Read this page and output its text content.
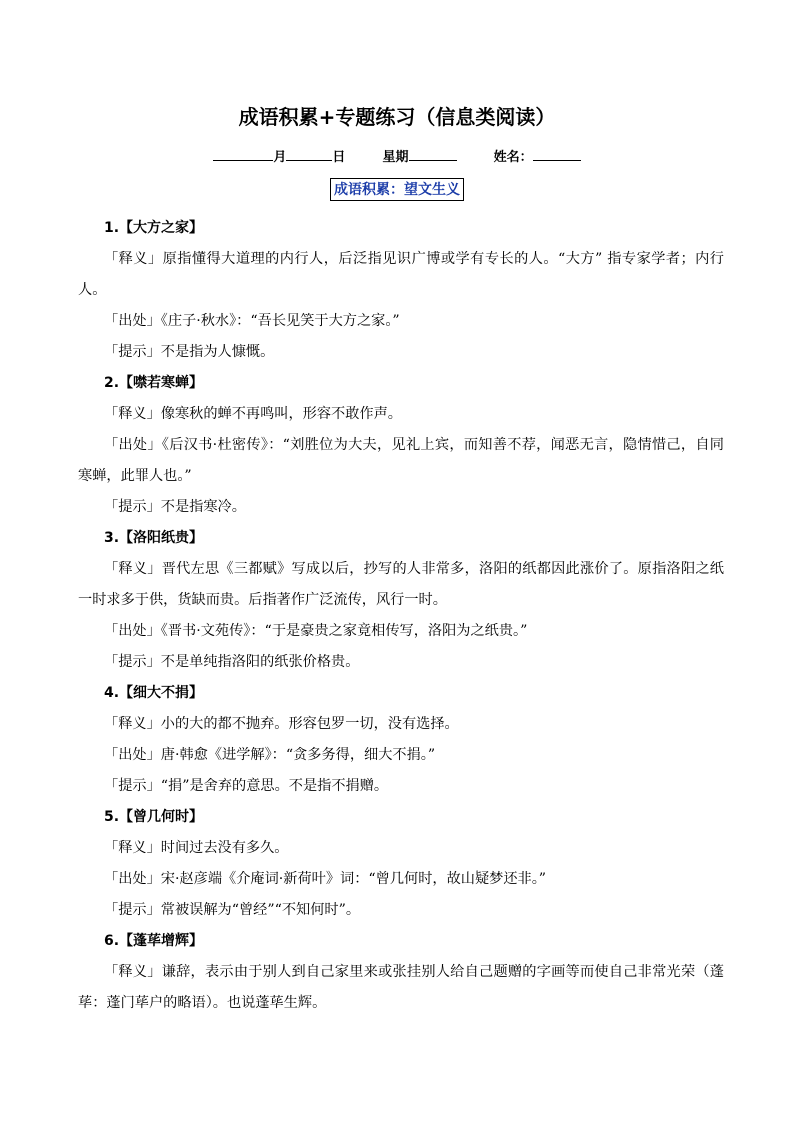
成语积累+专题练习（信息类阅读）
月	日	星期	姓名：
成语积累：望文生义
1.【大方之家】

「释义」原指懂得大道理的内行人，后泛指见识广博或学有专长的人。“大方” 指专家学者；内行人。

「出处」《庄子·秋水》：“吾长见笑于大方之家。”

「提示」不是指为人慷慨。

2.【噤若寒蝉】

「释义」像寒秋的蝉不再鸣叫，形容不敢作声。

「出处」《后汉书·杜密传》：“刘胜位为大夫，见礼上宾，而知善不荐，闻恶无言，隐情惜己，自同寒蝉，此罪人也。”

「提示」不是指寒冷。

3.【洛阳纸贵】

「释义」晋代左思《三都赋》写成以后，抄写的人非常多，洛阳的纸都因此涨价了。原指洛阳之纸一时求多于供，货缺而贵。后指著作广泛流传，风行一时。

「出处」《晋书·文苑传》：“于是豪贵之家竟相传写，洛阳为之纸贵。”

「提示」不是单纯指洛阳的纸张价格贵。

4.【细大不捐】

「释义」小的大的都不抛弃。形容包罗一切，没有选择。

「出处」唐·韩愈《进学解》：“贪多务得，细大不捐。”

「提示」“捐”是舍弃的意思。不是指不捐赠。

5.【曾几何时】

「释义」时间过去没有多久。

「出处」宋·赵彦端《介庵词·新荷叶》词：“曾几何时，故山疑梦还非。”

「提示」常被误解为“曾经”“不知何时”。

6.【蓬荜增辉】

「释义」谦辞，表示由于别人到自己家里来或张挂别人给自己题赠的字画等而使自己非常光荣（蓬荜：蓬门荜户的略语）。也说蓬荜生辉。
